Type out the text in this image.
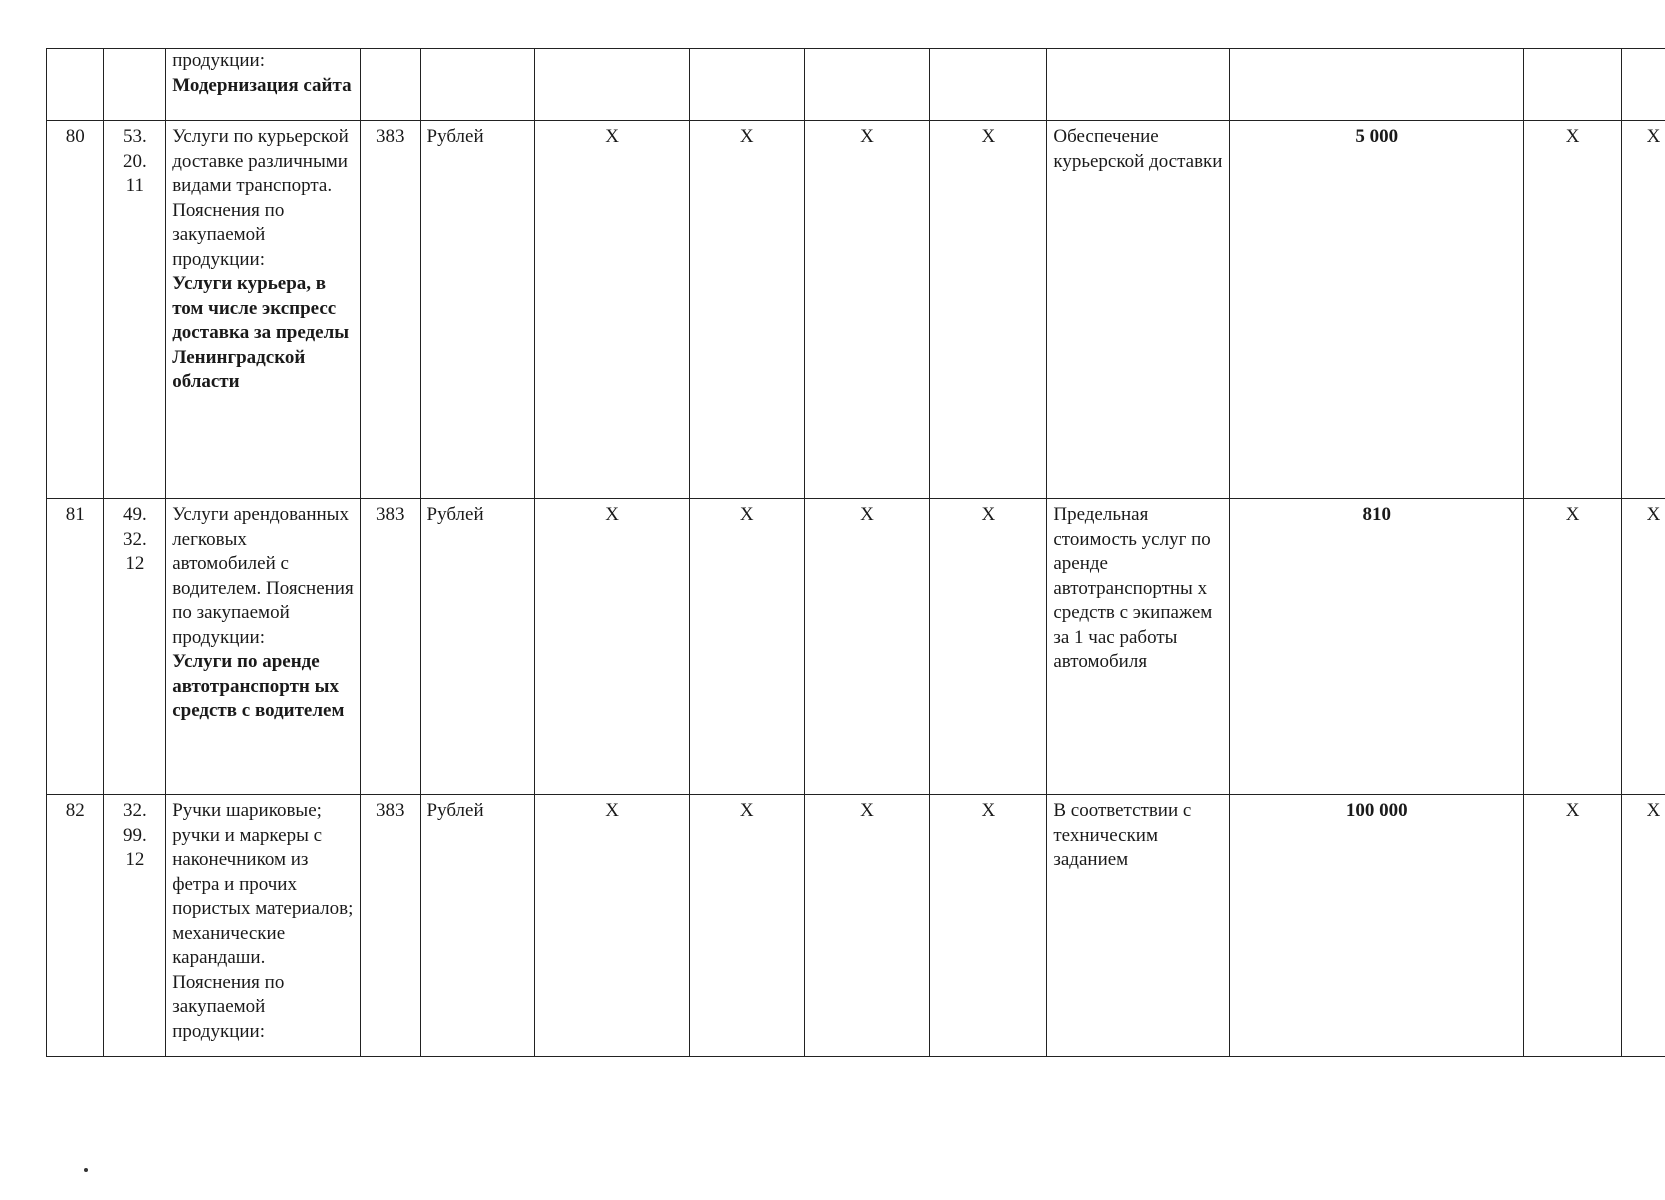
		продукции:
Модернизация сайта										

80	53.
20.
11	Услуги по курьерской доставке различными видами транспорта. Пояснения по закупаемой продукции:
Услуги курьера, в том числе экспресс доставка за пределы Ленинградской области	383	Рублей	X	X	X	X	Обеспечение курьерской доставки	5 000	X	X
81	49.
32.
12	Услуги арендованных легковых автомобилей с водителем. Пояснения по закупаемой продукции:
Услуги по аренде автотранспортн ых средств с водителем	383	Рублей	X	X	X	X	Предельная стоимость услуг по аренде автотранспортны х средств с экипажем за 1 час работы автомобиля	810	X	X
82	32.
99.
12	Ручки шариковые; ручки и маркеры с наконечником из фетра и прочих пористых материалов; механические карандаши. Пояснения по закупаемой продукции:	383	Рублей	X	X	X	X	В соответствии с техническим заданием	100 000	X	X
